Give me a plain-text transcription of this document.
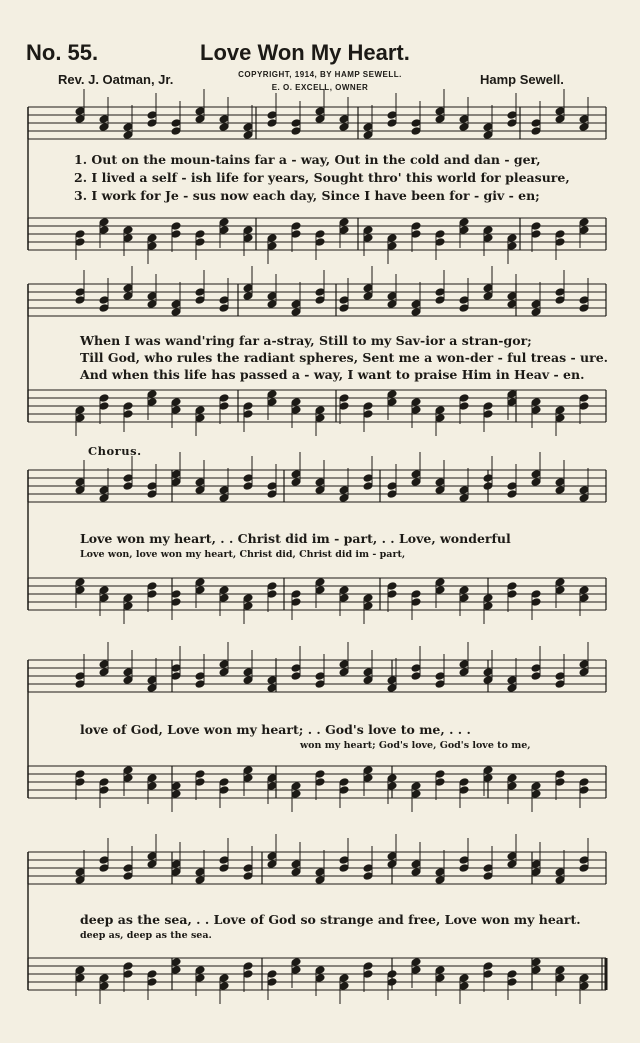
No. 55.	Love Won My Heart.
COPYRIGHT, 1914, BY HAMP SEWELL.
E. O. EXCELL, OWNER
Rev. J. Oatman, Jr.	Hamp Sewell.
1. Out on the moun-tains far a - way, Out in the cold and dan - ger,
2. I lived a self - ish life for years, Sought thro' this world for pleasure,
3. I work for Je - sus now each day, Since I have been for - giv - en;
When I was wand'ring far a-stray, Still to my Sav-ior a stran-gor;
Till God, who rules the radiant spheres, Sent me a won-der - ful treas - ure.
And when this life has passed a - way, I want to praise Him in Heav - en.
Chorus.
Love won my heart, . . Christ did im - part, . . Love, wonderful
Love won, love won my heart, Christ did, Christ did im - part,
love of God, Love won my heart; . . God's love to me, . . .
won my heart; God's love, God's love to me,
deep as the sea, . . Love of God so strange and free, Love won my heart.
deep as, deep as the sea.
